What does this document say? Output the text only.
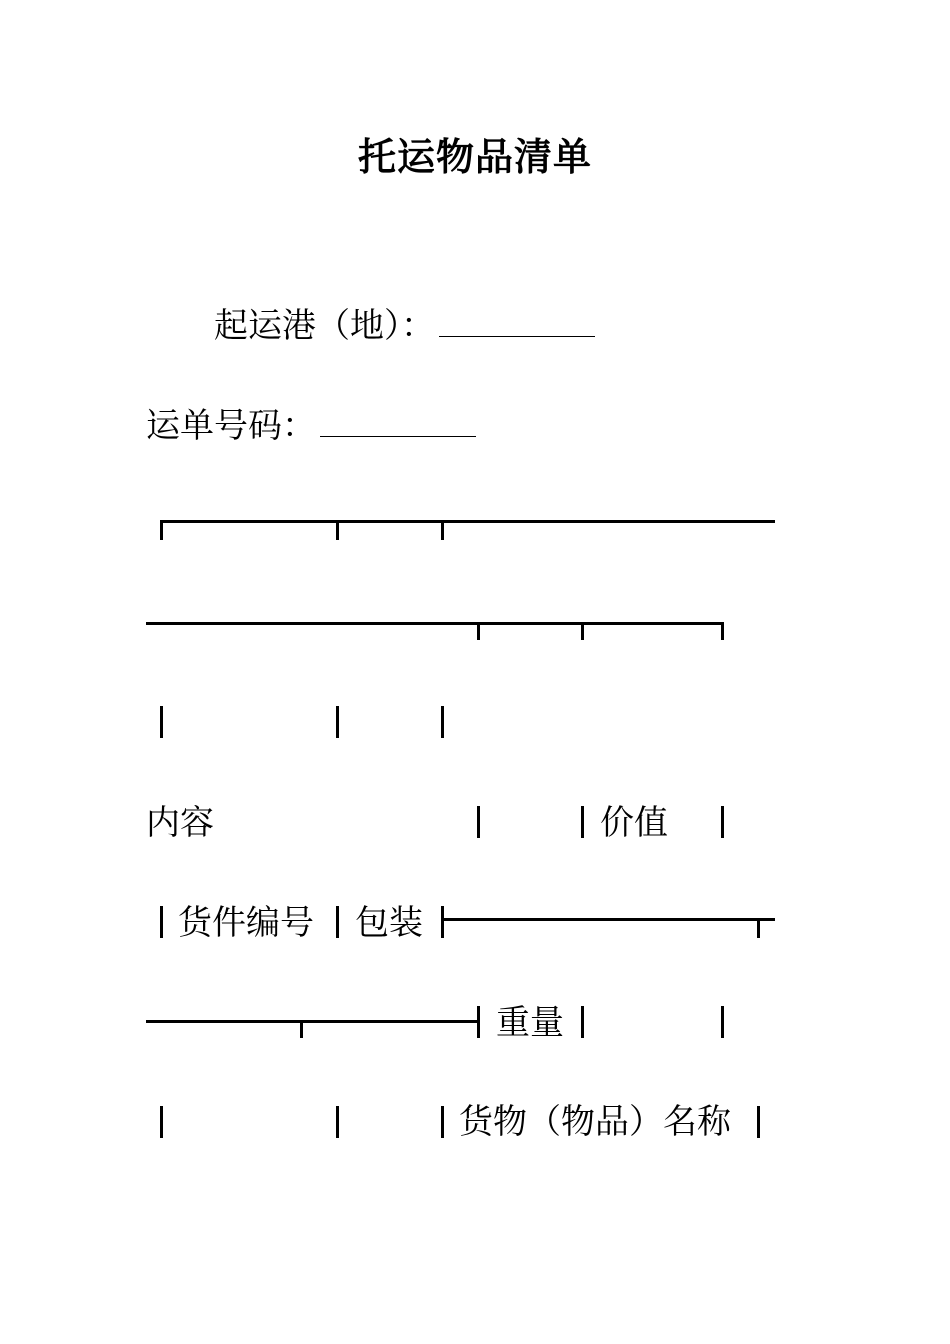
托运物品清单
起运港（地）：
运单号码：
内容	价值
货件编号 包装
重量
货物（物品）名称
